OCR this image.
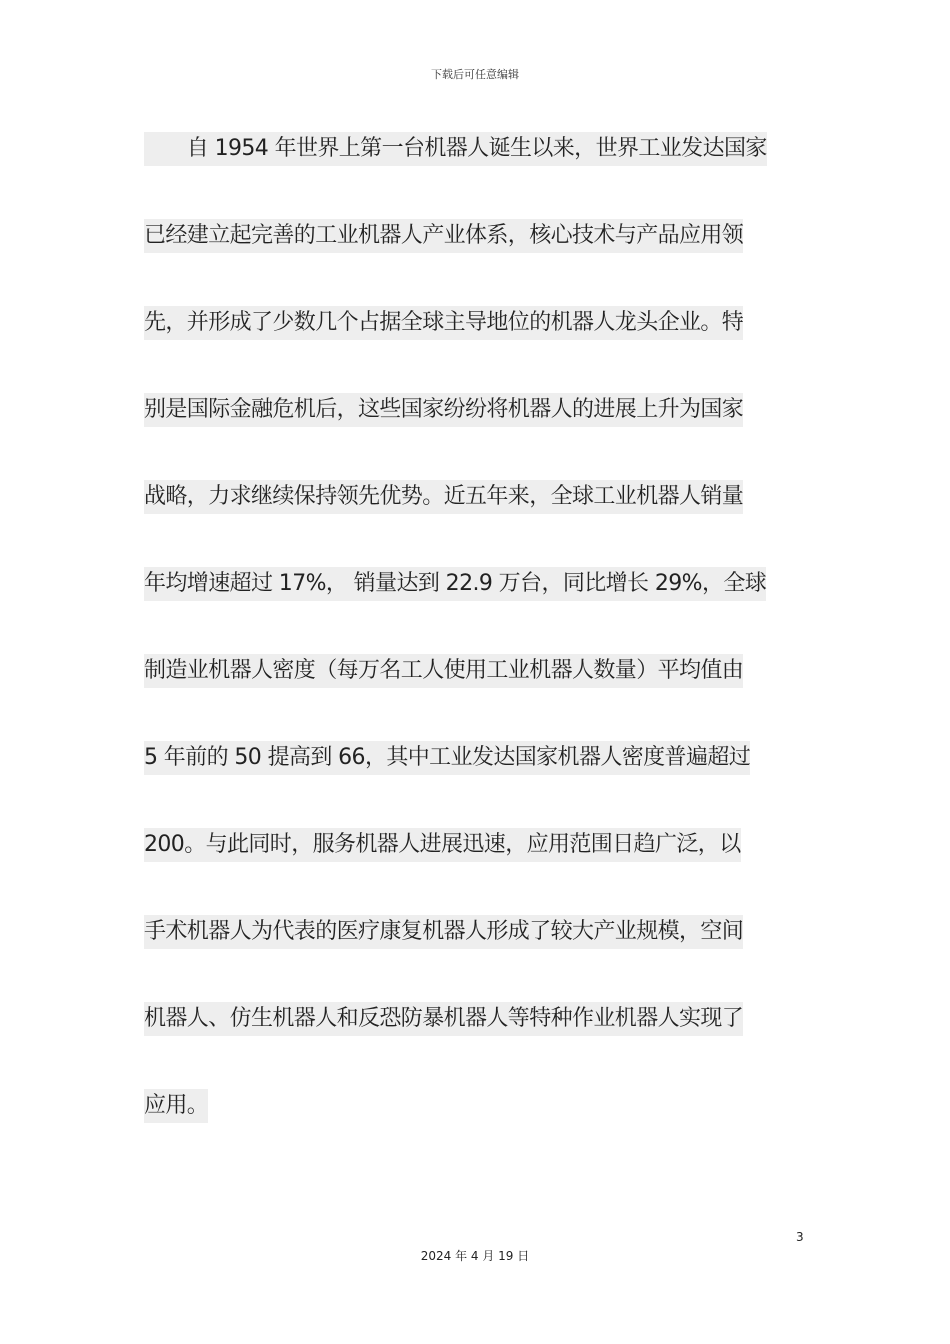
下载后可任意编辑
　　自 1954 年世界上第一台机器人诞生以来，世界工业发达国家
已经建立起完善的工业机器人产业体系，核心技术与产品应用领
先，并形成了少数几个占据全球主导地位的机器人龙头企业。特
别是国际金融危机后，这些国家纷纷将机器人的进展上升为国家
战略，力求继续保持领先优势。近五年来，全球工业机器人销量
年均增速超过 17%， 销量达到 22.9 万台，同比增长 29%，全球
制造业机器人密度（每万名工人使用工业机器人数量）平均值由
5 年前的 50 提高到 66，其中工业发达国家机器人密度普遍超过
200。与此同时，服务机器人进展迅速，应用范围日趋广泛，以
手术机器人为代表的医疗康复机器人形成了较大产业规模，空间
机器人、仿生机器人和反恐防暴机器人等特种作业机器人实现了
应用。
3
2024 年 4 月 19 日
